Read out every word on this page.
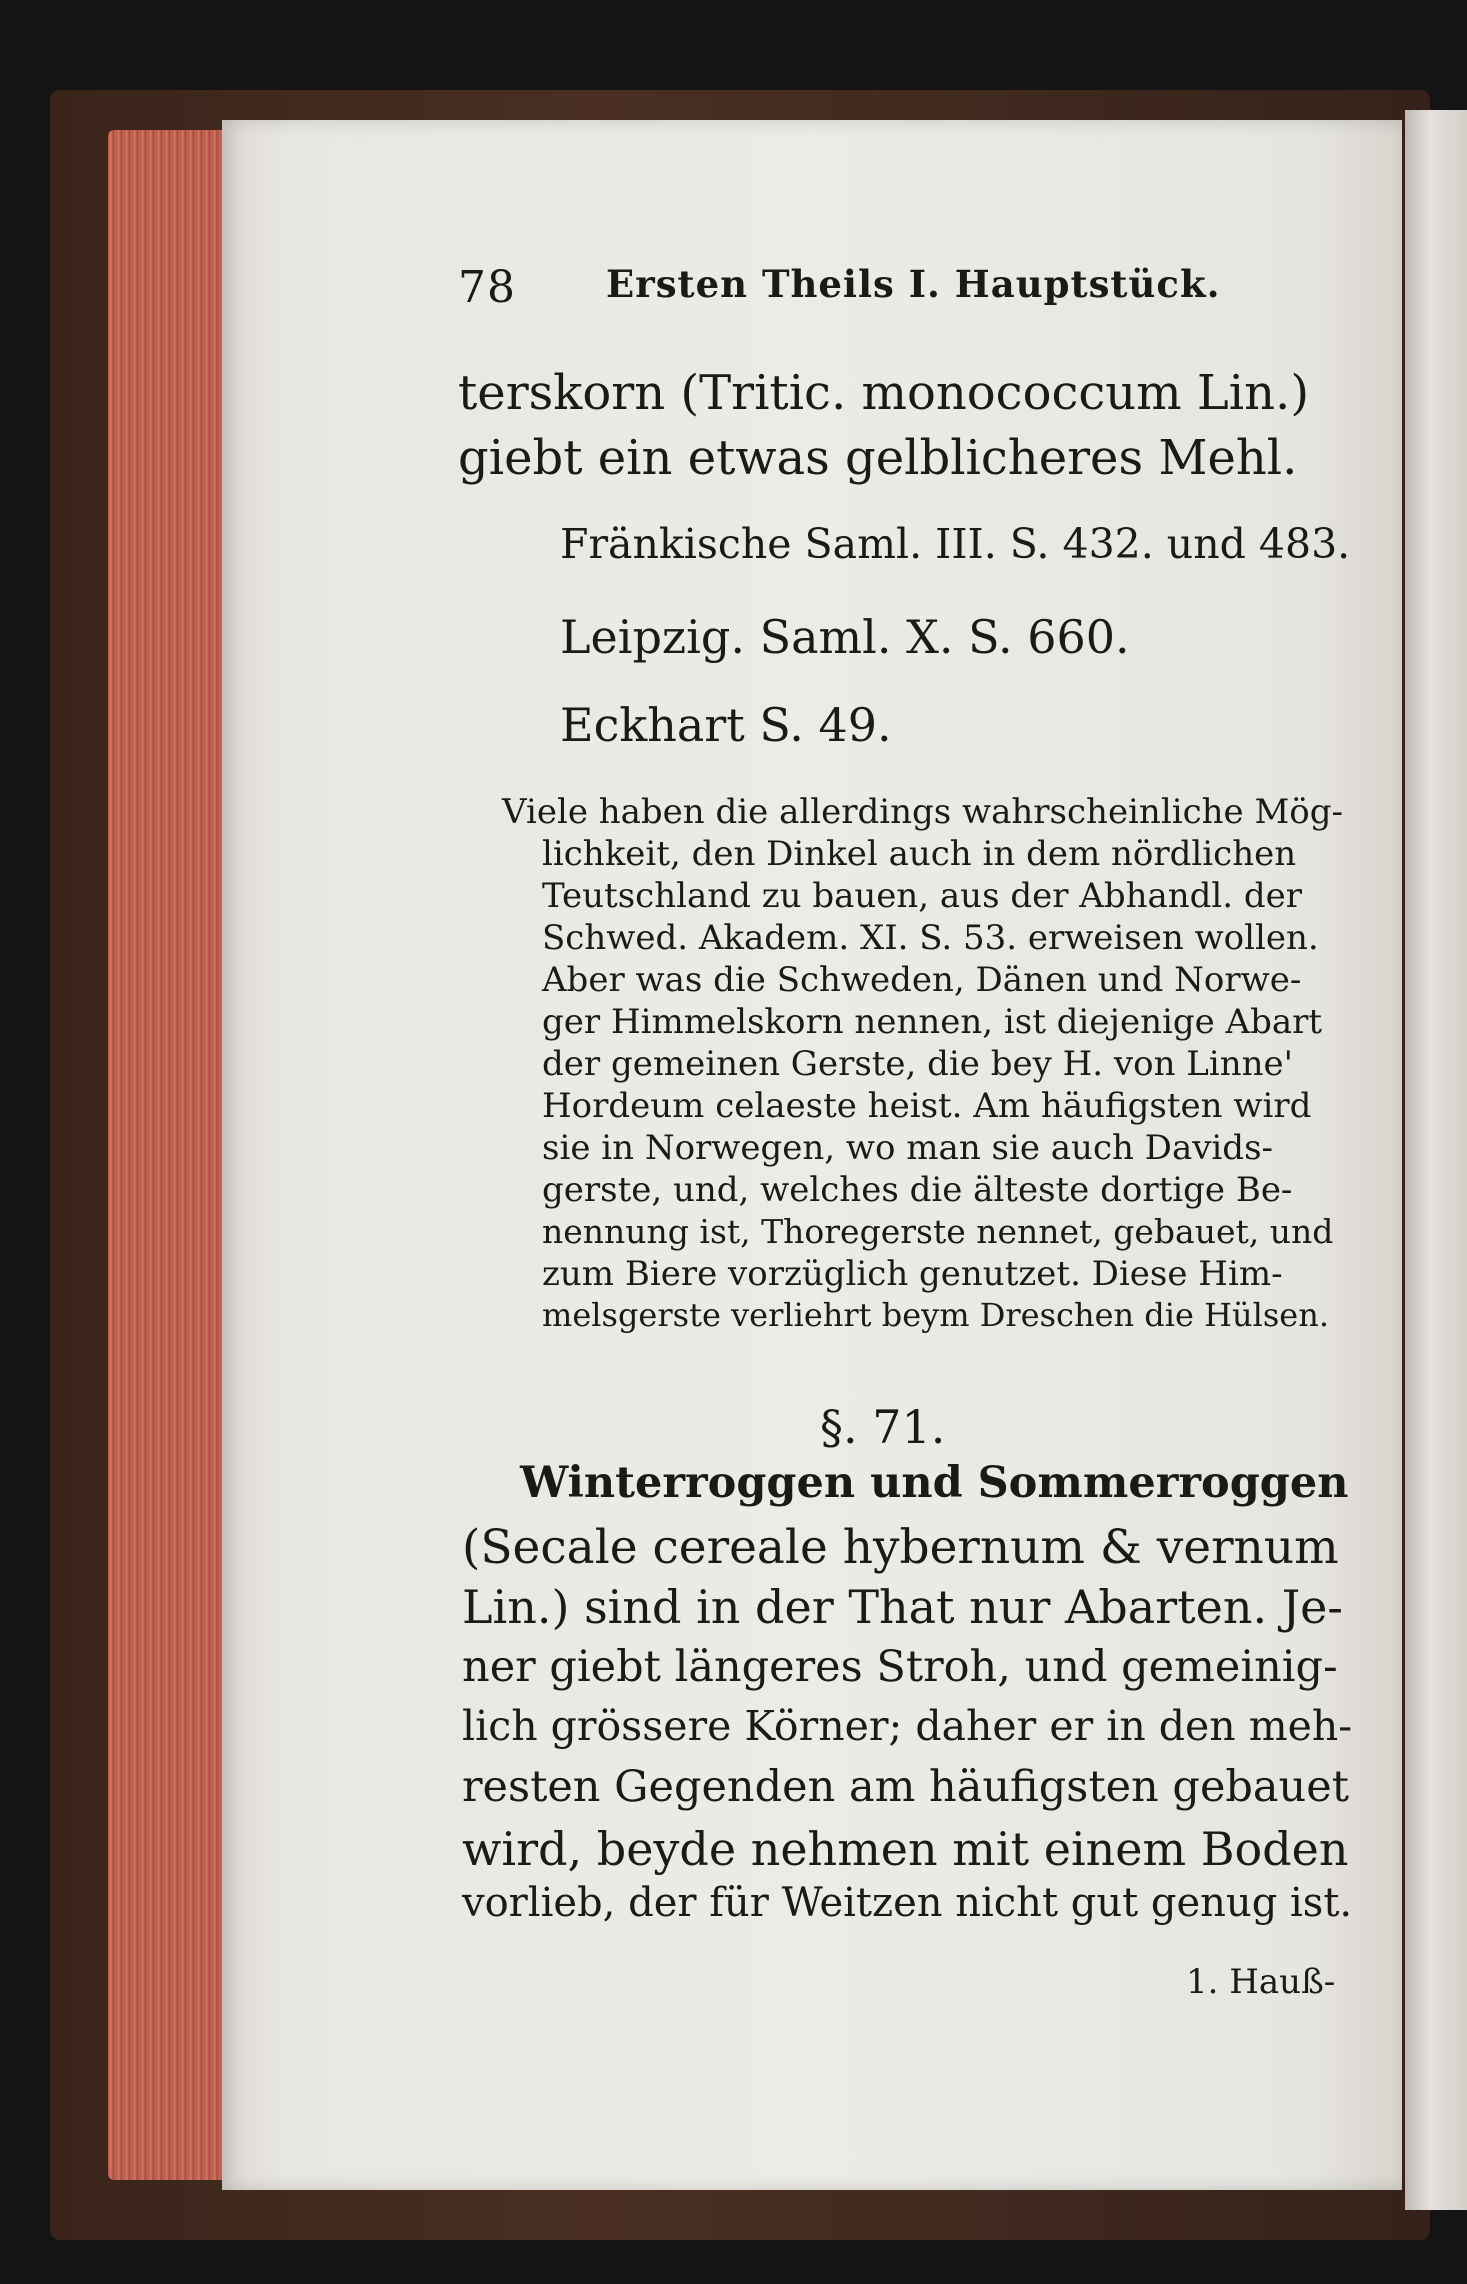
78 Ersten Theils I. Hauptstück.
terskorn (Tritic. monococcum Lin.)
giebt ein etwas gelblicheres Mehl.
Fränkische Saml. III. S. 432. und 483.
Leipzig. Saml. X. S. 660.
Eckhart S. 49.
Viele haben die allerdings wahrscheinliche Mög-
lichkeit, den Dinkel auch in dem nördlichen
Teutschland zu bauen, aus der Abhandl. der
Schwed. Akadem. XI. S. 53. erweisen wollen.
Aber was die Schweden, Dänen und Norwe-
ger Himmelskorn nennen, ist diejenige Abart
der gemeinen Gerste, die bey H. von Linne'
Hordeum celaeste heist. Am häufigsten wird
sie in Norwegen, wo man sie auch Davids-
gerste, und, welches die älteste dortige Be-
nennung ist, Thoregerste nennet, gebauet, und
zum Biere vorzüglich genutzet. Diese Him-
melsgerste verliehrt beym Dreschen die Hülsen.
§. 71.
Winterroggen und Sommerroggen
(Secale cereale hybernum & vernum
Lin.) sind in der That nur Abarten. Je-
ner giebt längeres Stroh, und gemeinig-
lich grössere Körner; daher er in den meh-
resten Gegenden am häufigsten gebauet
wird, beyde nehmen mit einem Boden
vorlieb, der für Weitzen nicht gut genug ist.
1. Hauß-
